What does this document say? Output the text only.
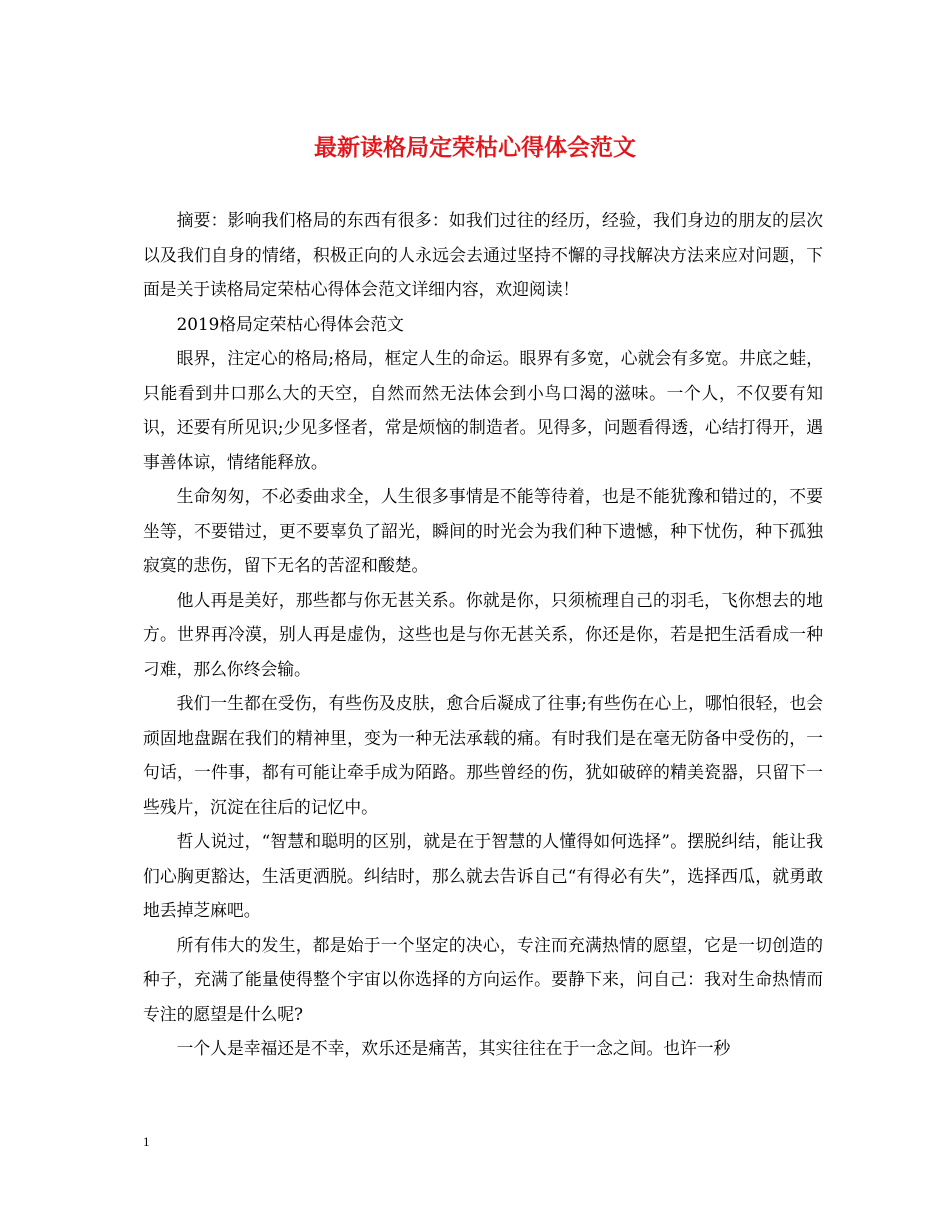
最新读格局定荣枯心得体会范文

摘要：影响我们格局的东西有很多：如我们过往的经历，经验，我们身边的朋友的层次以及我们自身的情绪，积极正向的人永远会去通过坚持不懈的寻找解决方法来应对问题，下面是关于读格局定荣枯心得体会范文详细内容，欢迎阅读！

2019格局定荣枯心得体会范文

眼界，注定心的格局;格局，框定人生的命运。眼界有多宽，心就会有多宽。井底之蛙，只能看到井口那么大的天空，自然而然无法体会到小鸟口渴的滋味。一个人，不仅要有知识，还要有所见识;少见多怪者，常是烦恼的制造者。见得多，问题看得透，心结打得开，遇事善体谅，情绪能释放。

生命匆匆，不必委曲求全，人生很多事情是不能等待着，也是不能犹豫和错过的，不要坐等，不要错过，更不要辜负了韶光，瞬间的时光会为我们种下遗憾，种下忧伤，种下孤独寂寞的悲伤，留下无名的苦涩和酸楚。

他人再是美好，那些都与你无甚关系。你就是你，只须梳理自己的羽毛，飞你想去的地方。世界再冷漠，别人再是虚伪，这些也是与你无甚关系，你还是你，若是把生活看成一种刁难，那么你终会输。

我们一生都在受伤，有些伤及皮肤，愈合后凝成了往事;有些伤在心上，哪怕很轻，也会顽固地盘踞在我们的精神里，变为一种无法承载的痛。有时我们是在毫无防备中受伤的，一句话，一件事，都有可能让牵手成为陌路。那些曾经的伤，犹如破碎的精美瓷器，只留下一些残片，沉淀在往后的记忆中。

哲人说过，“智慧和聪明的区别，就是在于智慧的人懂得如何选择”。摆脱纠结，能让我们心胸更豁达，生活更洒脱。纠结时，那么就去告诉自己“有得必有失”，选择西瓜，就勇敢地丢掉芝麻吧。

所有伟大的发生，都是始于一个坚定的决心，专注而充满热情的愿望，它是一切创造的种子，充满了能量使得整个宇宙以你选择的方向运作。要静下来，问自己：我对生命热情而专注的愿望是什么呢?

一个人是幸福还是不幸，欢乐还是痛苦，其实往往在于一念之间。也许一秒

1
